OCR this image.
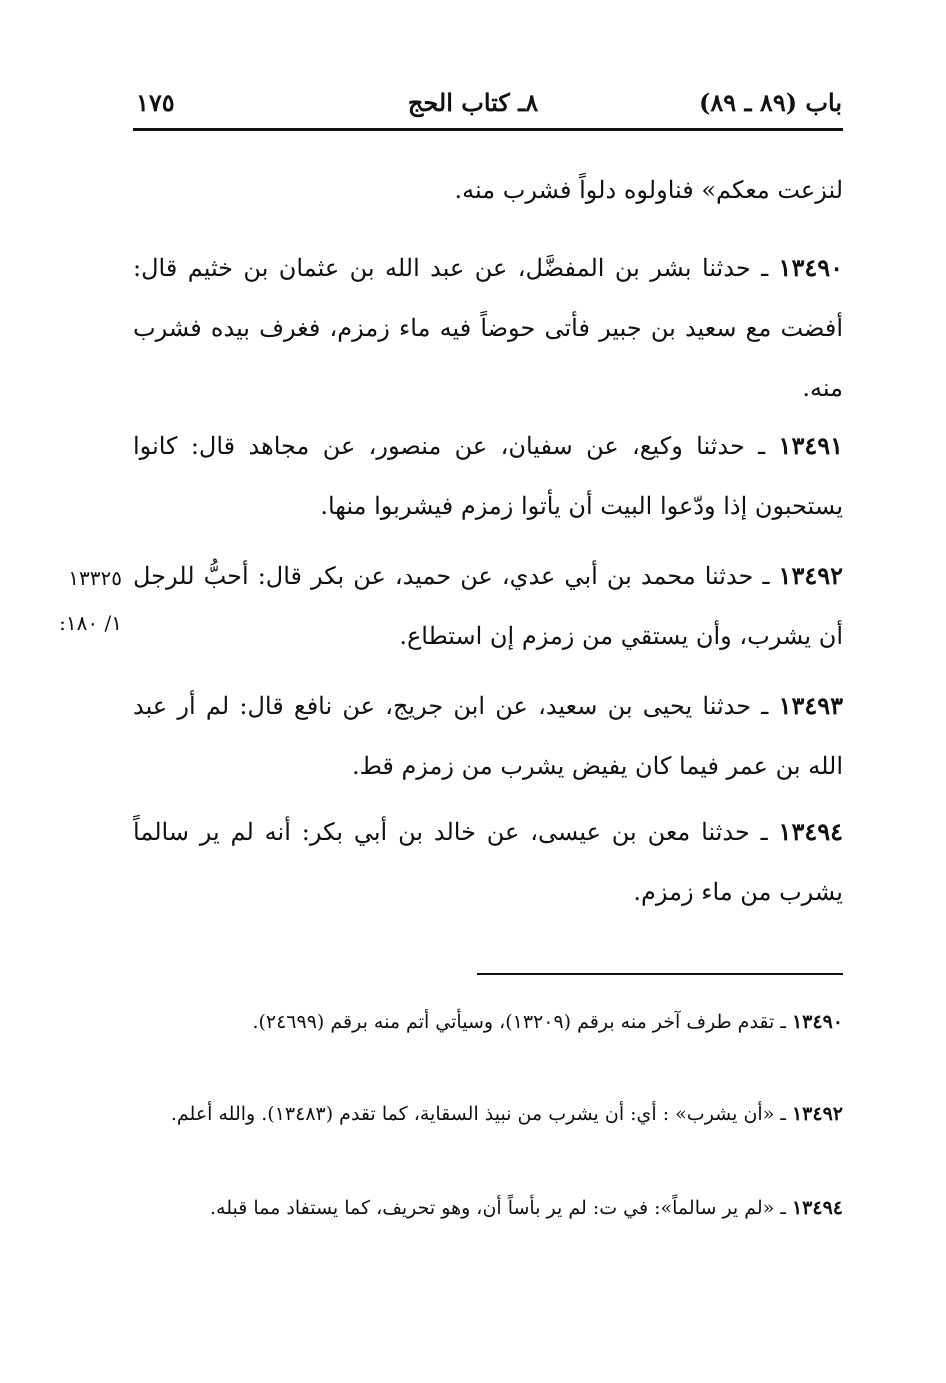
باب (٨٩ ـ ٨٩)
٨ـ كتاب الحج
١٧٥

لنزعت معكم» فناولوه دلواً فشرب منه.

١٣٤٩٠ ـ حدثنا بشر بن المفضَّل، عن عبد الله بن عثمان بن خثيم قال: أفضت مع سعيد بن جبير فأتى حوضاً فيه ماء زمزم، فغرف بيده فشرب منه.

١٣٤٩١ ـ حدثنا وكيع، عن سفيان، عن منصور، عن مجاهد قال: كانوا يستحبون إذا ودّعوا البيت أن يأتوا زمزم فيشربوا منها.

١٣٤٩٢ ـ حدثنا محمد بن أبي عدي، عن حميد، عن بكر قال: أحبُّ للرجل أن يشرب، وأن يستقي من زمزم إن استطاع.

١٣٣٢٥
١/ ١٨٠:

١٣٤٩٣ ـ حدثنا يحيى بن سعيد، عن ابن جريج، عن نافع قال: لم أر عبد الله بن عمر فيما كان يفيض يشرب من زمزم قط.

١٣٤٩٤ ـ حدثنا معن بن عيسى، عن خالد بن أبي بكر: أنه لم ير سالماً يشرب من ماء زمزم.

١٣٤٩٠ ـ تقدم طرف آخر منه برقم (١٣٢٠٩)، وسيأتي أتم منه برقم (٢٤٦٩٩).

١٣٤٩٢ ـ «أن يشرب» : أي: أن يشرب من نبيذ السقاية، كما تقدم (١٣٤٨٣). والله أعلم.

١٣٤٩٤ ـ «لم ير سالماً»: في ت: لم ير بأساً أن، وهو تحريف، كما يستفاد مما قبله.
